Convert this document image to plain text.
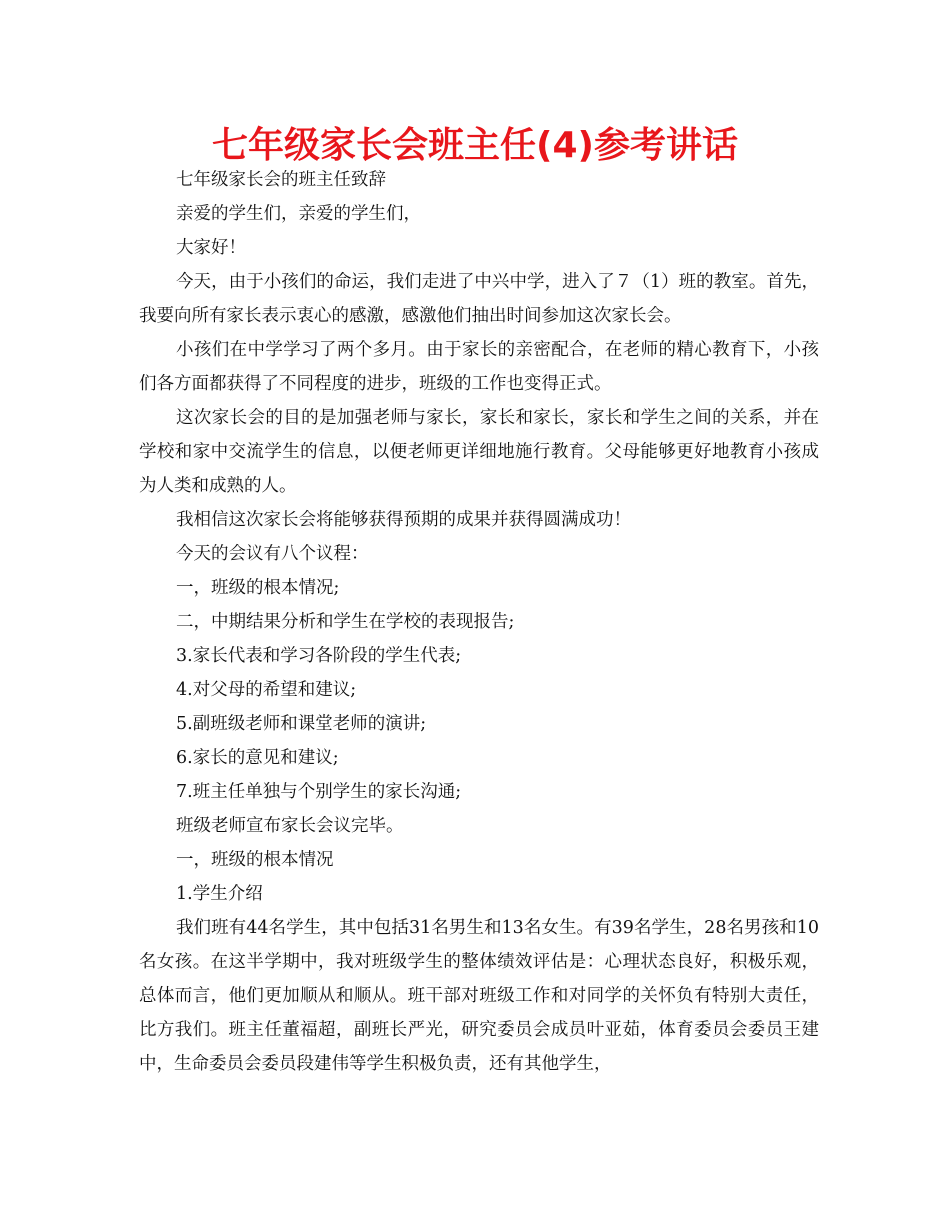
七年级家长会班主任(4)参考讲话

七年级家长会的班主任致辞

亲爱的学生们，亲爱的学生们，

大家好！

今天，由于小孩们的命运，我们走进了中兴中学，进入了７（1）班的教室。首先，我要向所有家长表示衷心的感激，感激他们抽出时间参加这次家长会。

小孩们在中学学习了两个多月。由于家长的亲密配合，在老师的精心教育下，小孩们各方面都获得了不同程度的进步，班级的工作也变得正式。

这次家长会的目的是加强老师与家长，家长和家长，家长和学生之间的关系，并在学校和家中交流学生的信息，以便老师更详细地施行教育。父母能够更好地教育小孩成为人类和成熟的人。

我相信这次家长会将能够获得预期的成果并获得圆满成功！

今天的会议有八个议程：

一，班级的根本情况;

二，中期结果分析和学生在学校的表现报告;

3.家长代表和学习各阶段的学生代表;

4.对父母的希望和建议;

5.副班级老师和课堂老师的演讲;

6.家长的意见和建议;

7.班主任单独与个别学生的家长沟通;

班级老师宣布家长会议完毕。

一，班级的根本情况

1.学生介绍

我们班有44名学生，其中包括31名男生和13名女生。有39名学生，28名男孩和10名女孩。在这半学期中，我对班级学生的整体绩效评估是：心理状态良好，积极乐观，总体而言，他们更加顺从和顺从。班干部对班级工作和对同学的关怀负有特别大责任，比方我们。班主任董福超，副班长严光，研究委员会成员叶亚茹，体育委员会委员王建中，生命委员会委员段建伟等学生积极负责，还有其他学生，
